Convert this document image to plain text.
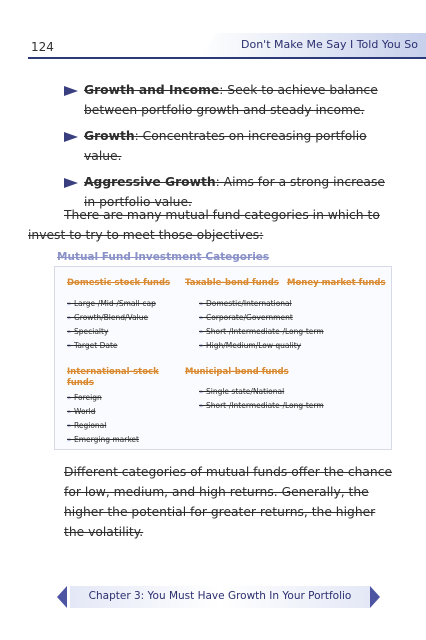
124	Don't Make Me Say I Told You So
Growth and Income: Seek to achieve balance between portfolio growth and steady income.
Growth: Concentrates on increasing portfolio value.
Aggressive Growth: Aims for a strong increase in portfolio value.
There are many mutual fund categories in which to invest to try to meet those objectives:
Mutual Fund Investment Categories
Domestic stock funds
» Large-/Mid-/Small-cap
» Growth/Blend/Value
» Specialty
» Target Date
Taxable-bond funds
» Domestic/International
» Corporate/Government
» Short-/Intermediate-/Long-term
» High/Medium/Low quality
Money market funds
International-stock funds
» Foreign
» World
» Regional
» Emerging market
Municipal-bond funds
» Single state/National
» Short-/Intermediate-/Long-term
Different categories of mutual funds offer the chance for low, medium, and high returns. Generally, the higher the potential for greater returns, the higher the volatility.
Chapter 3: You Must Have Growth In Your Portfolio
